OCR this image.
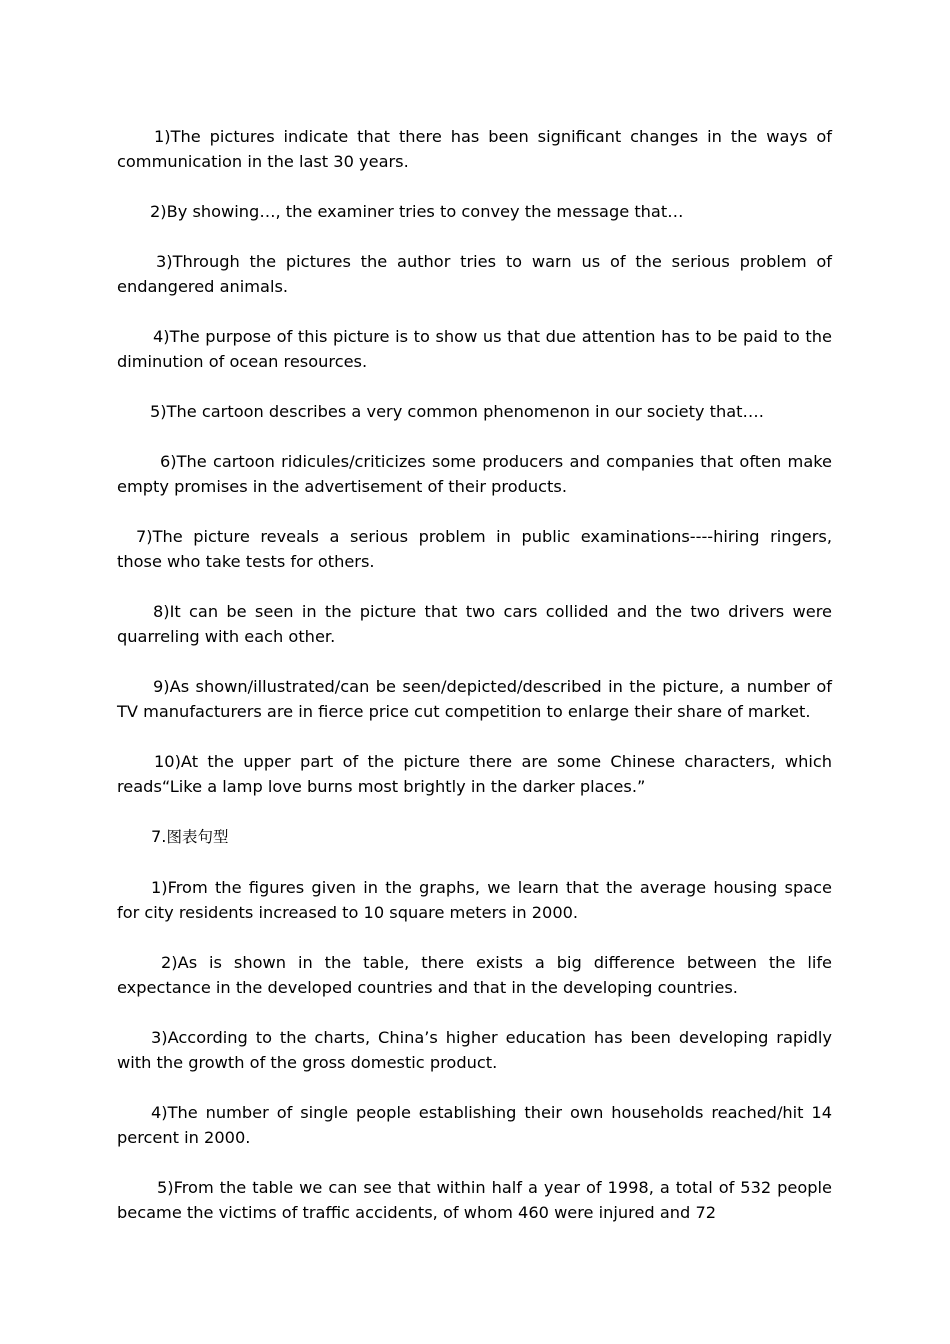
1)The pictures indicate that there has been significant changes in the ways of communication in the last 30 years.

2)By showing…, the examiner tries to convey the message that…

3)Through the pictures the author tries to warn us of the serious problem of endangered animals.

4)The purpose of this picture is to show us that due attention has to be paid to the diminution of ocean resources.

5)The cartoon describes a very common phenomenon in our society that….

6)The cartoon ridicules/criticizes some producers and companies that often make empty promises in the advertisement of their products.

7)The picture reveals a serious problem in public examinations----hiring ringers, those who take tests for others.

8)It can be seen in the picture that two cars collided and the two drivers were quarreling with each other.

9)As shown/illustrated/can be seen/depicted/described in the picture, a number of TV manufacturers are in fierce price cut competition to enlarge their share of market.

10)At the upper part of the picture there are some Chinese characters, which reads“Like a lamp love burns most brightly in the darker places.”

7.图表句型

1)From the figures given in the graphs, we learn that the average housing space for city residents increased to 10 square meters in 2000.

2)As is shown in the table, there exists a big difference between the life expectance in the developed countries and that in the developing countries.

3)According to the charts, China’s higher education has been developing rapidly with the growth of the gross domestic product.

4)The number of single people establishing their own households reached/hit 14 percent in 2000.

5)From the table we can see that within half a year of 1998, a total of 532 people became the victims of traffic accidents, of whom 460 were injured and 72
